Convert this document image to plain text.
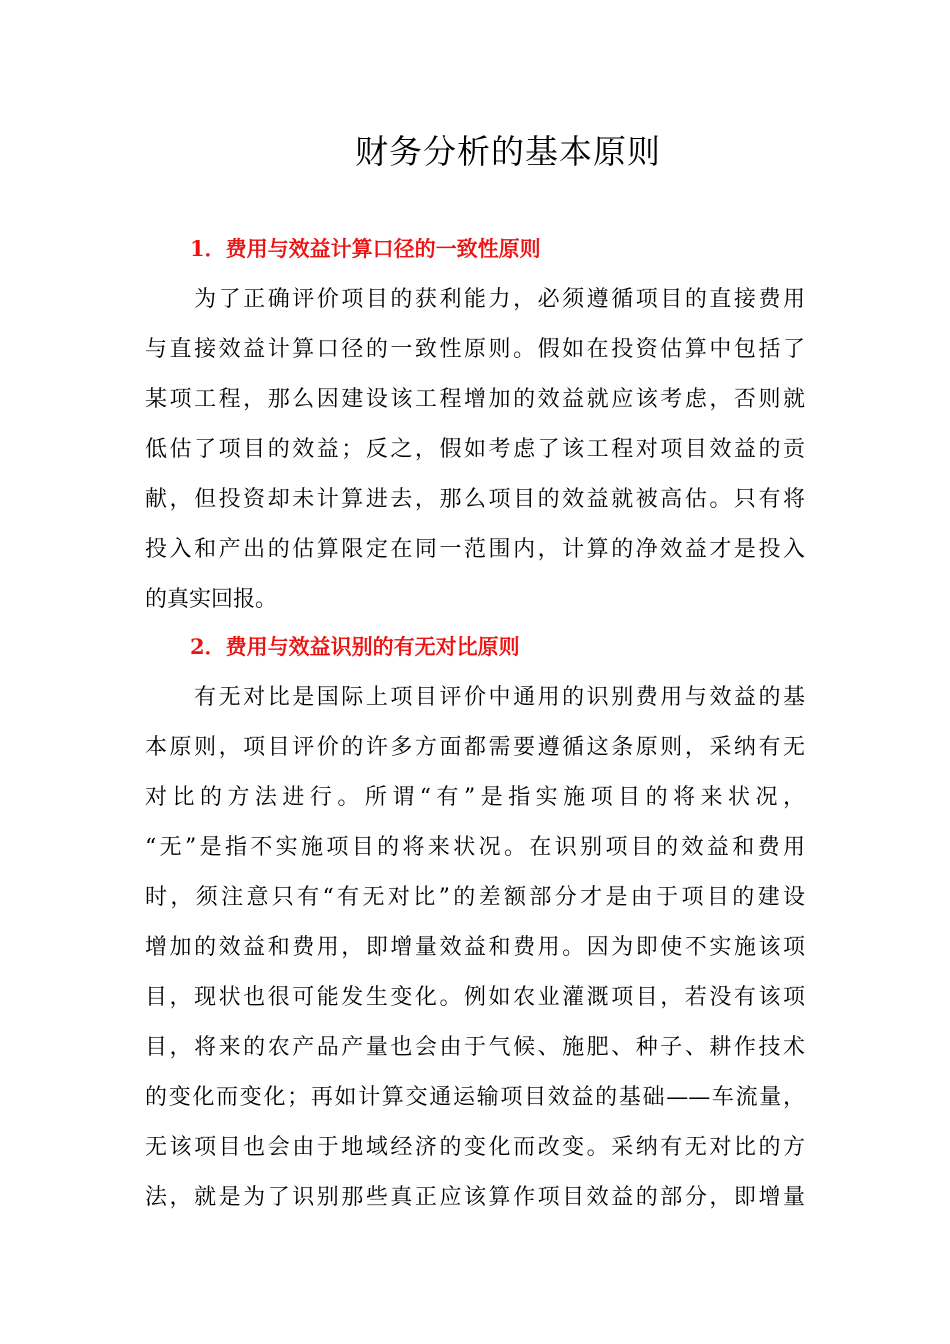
财务分析的基本原则
1．费用与效益计算口径的一致性原则
　　为了正确评价项目的获利能力，必须遵循项目的直接费用
与直接效益计算口径的一致性原则。假如在投资估算中包括了
某项工程，那么因建设该工程增加的效益就应该考虑，否则就
低估了项目的效益；反之，假如考虑了该工程对项目效益的贡
献，但投资却未计算进去，那么项目的效益就被高估。只有将
投入和产出的估算限定在同一范围内，计算的净效益才是投入
的真实回报。
2．费用与效益识别的有无对比原则
　　有无对比是国际上项目评价中通用的识别费用与效益的基
本原则，项目评价的许多方面都需要遵循这条原则，采纳有无
对比的方法进行。所谓“有”是指实施项目的将来状况，
“无”是指不实施项目的将来状况。在识别项目的效益和费用
时，须注意只有“有无对比”的差额部分才是由于项目的建设
增加的效益和费用，即增量效益和费用。因为即使不实施该项
目，现状也很可能发生变化。例如农业灌溉项目，若没有该项
目，将来的农产品产量也会由于气候、施肥、种子、耕作技术
的变化而变化；再如计算交通运输项目效益的基础——车流量，
无该项目也会由于地域经济的变化而改变。采纳有无对比的方
法，就是为了识别那些真正应该算作项目效益的部分，即增量
